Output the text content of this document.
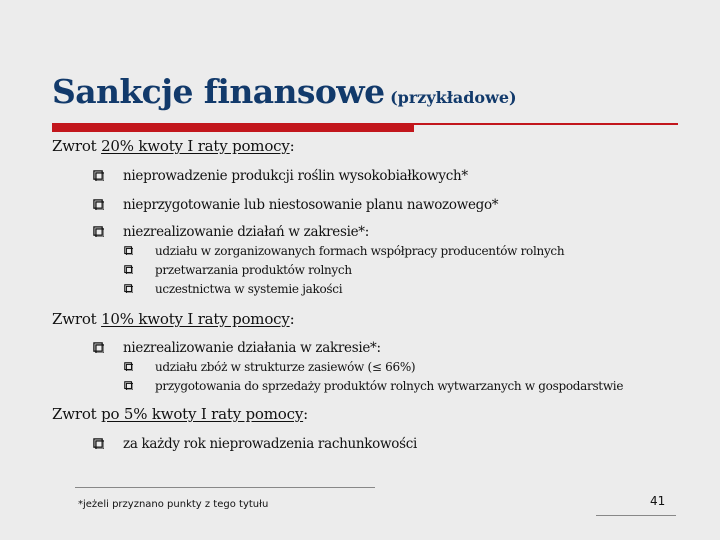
Sankcje finansowe (przykładowe)
Zwrot 20% kwoty I raty pomocy:
nieprowadzenie produkcji roślin wysokobiałkowych*
nieprzygotowanie lub niestosowanie planu nawozowego*
niezrealizowanie działań w zakresie*:
udziału w zorganizowanych formach współpracy producentów rolnych
przetwarzania produktów rolnych
uczestnictwa w systemie jakości
Zwrot 10% kwoty I raty pomocy:
niezrealizowanie działania w zakresie*:
udziału zbóż w strukturze zasiewów (≤ 66%)
przygotowania do sprzedaży produktów rolnych wytwarzanych w gospodarstwie
Zwrot po 5% kwoty I raty pomocy:
za każdy rok nieprowadzenia rachunkowości
*jeżeli przyznano punkty z tego tytułu	41
